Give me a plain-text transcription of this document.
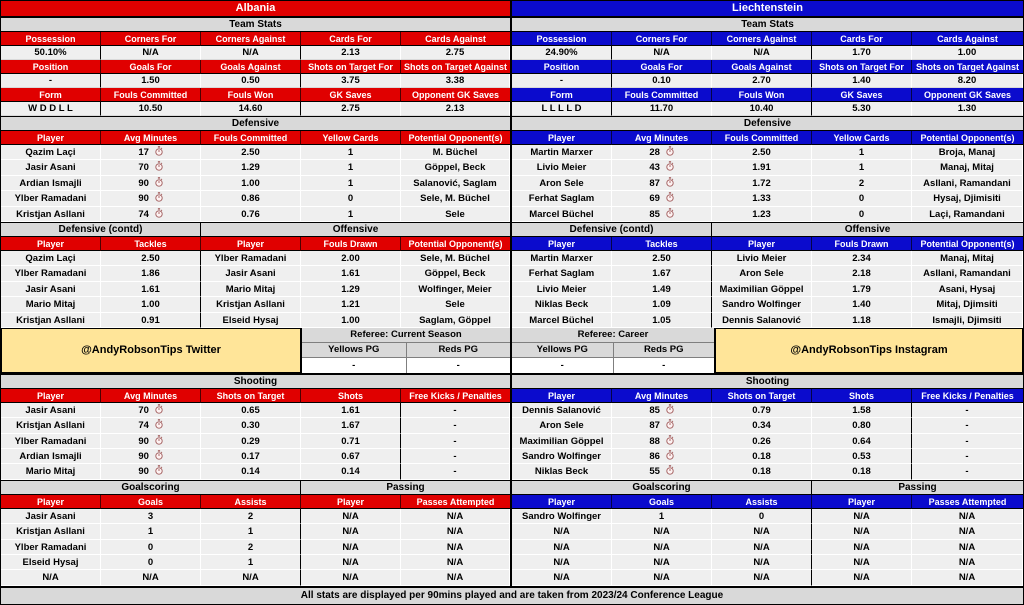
Albania
Team Stats
Possession	Corners For	Corners Against	Cards For	Cards Against
50.10%	N/A	N/A	2.13	2.75
Position	Goals For	Goals Against	Shots on Target For	Shots on Target Against
-	1.50	0.50	3.75	3.38
Form	Fouls Committed	Fouls Won	GK Saves	Opponent GK Saves
W D D L L	10.50	14.60	2.75	2.13
Defensive
Player	Avg Minutes	Fouls Committed	Yellow Cards	Potential Opponent(s)
Qazim Laçi	17	2.50	1	M. Büchel
Jasir Asani	70	1.29	1	Göppel, Beck
Ardian Ismajli	90	1.00	1	Salanović, Saglam
Ylber Ramadani	90	0.86	0	Sele, M. Büchel
Kristjan Asllani	74	0.76	1	Sele
Defensive (contd)	Offensive
Player	Tackles	Player	Fouls Drawn	Potential Opponent(s)
Qazim Laçi	2.50	Ylber Ramadani	2.00	Sele, M. Büchel
Ylber Ramadani	1.86	Jasir Asani	1.61	Göppel, Beck
Jasir Asani	1.61	Mario Mitaj	1.29	Wolfinger, Meier
Mario Mitaj	1.00	Kristjan Asllani	1.21	Sele
Kristjan Asllani	0.91	Elseid Hysaj	1.00	Saglam, Göppel
@AndyRobsonTips Twitter
Referee: Current Season
Yellows PG	Reds PG
-	-
Shooting
Player	Avg Minutes	Shots on Target	Shots	Free Kicks / Penalties
Jasir Asani	70	0.65	1.61	-
Kristjan Asllani	74	0.30	1.67	-
Ylber Ramadani	90	0.29	0.71	-
Ardian Ismajli	90	0.17	0.67	-
Mario Mitaj	90	0.14	0.14	-
Goalscoring	Passing
Player	Goals	Assists	Player	Passes Attempted
Jasir Asani	3	2	N/A	N/A
Kristjan Asllani	1	1	N/A	N/A
Ylber Ramadani	0	2	N/A	N/A
Elseid Hysaj	0	1	N/A	N/A
N/A	N/A	N/A	N/A	N/A
Liechtenstein
Team Stats
Possession	Corners For	Corners Against	Cards For	Cards Against
24.90%	N/A	N/A	1.70	1.00
Position	Goals For	Goals Against	Shots on Target For	Shots on Target Against
-	0.10	2.70	1.40	8.20
Form	Fouls Committed	Fouls Won	GK Saves	Opponent GK Saves
L L L L D	11.70	10.40	5.30	1.30
Defensive
Player	Avg Minutes	Fouls Committed	Yellow Cards	Potential Opponent(s)
Martin Marxer	28	2.50	1	Broja, Manaj
Livio Meier	43	1.91	1	Manaj, Mitaj
Aron Sele	87	1.72	2	Asllani, Ramandani
Ferhat Saglam	69	1.33	0	Hysaj, Djimisiti
Marcel Büchel	85	1.23	0	Laçi, Ramandani
Defensive (contd)	Offensive
Player	Tackles	Player	Fouls Drawn	Potential Opponent(s)
Martin Marxer	2.50	Livio Meier	2.34	Manaj, Mitaj
Ferhat Saglam	1.67	Aron Sele	2.18	Asllani, Ramandani
Livio Meier	1.49	Maximilian Göppel	1.79	Asani, Hysaj
Niklas Beck	1.09	Sandro Wolfinger	1.40	Mitaj, Djimsiti
Marcel Büchel	1.05	Dennis Salanović	1.18	Ismajli, Djimsiti
Referee: Career
Yellows PG	Reds PG
-	-
@AndyRobsonTips Instagram
Shooting
Player	Avg Minutes	Shots on Target	Shots	Free Kicks / Penalties
Dennis Salanović	85	0.79	1.58	-
Aron Sele	87	0.34	0.80	-
Maximilian Göppel	88	0.26	0.64	-
Sandro Wolfinger	86	0.18	0.53	-
Niklas Beck	55	0.18	0.18	-
Goalscoring	Passing
Player	Goals	Assists	Player	Passes Attempted
Sandro Wolfinger	1	0	N/A	N/A
N/A	N/A	N/A	N/A	N/A
N/A	N/A	N/A	N/A	N/A
N/A	N/A	N/A	N/A	N/A
N/A	N/A	N/A	N/A	N/A
All stats are displayed per 90mins played and are taken from 2023/24 Conference League
